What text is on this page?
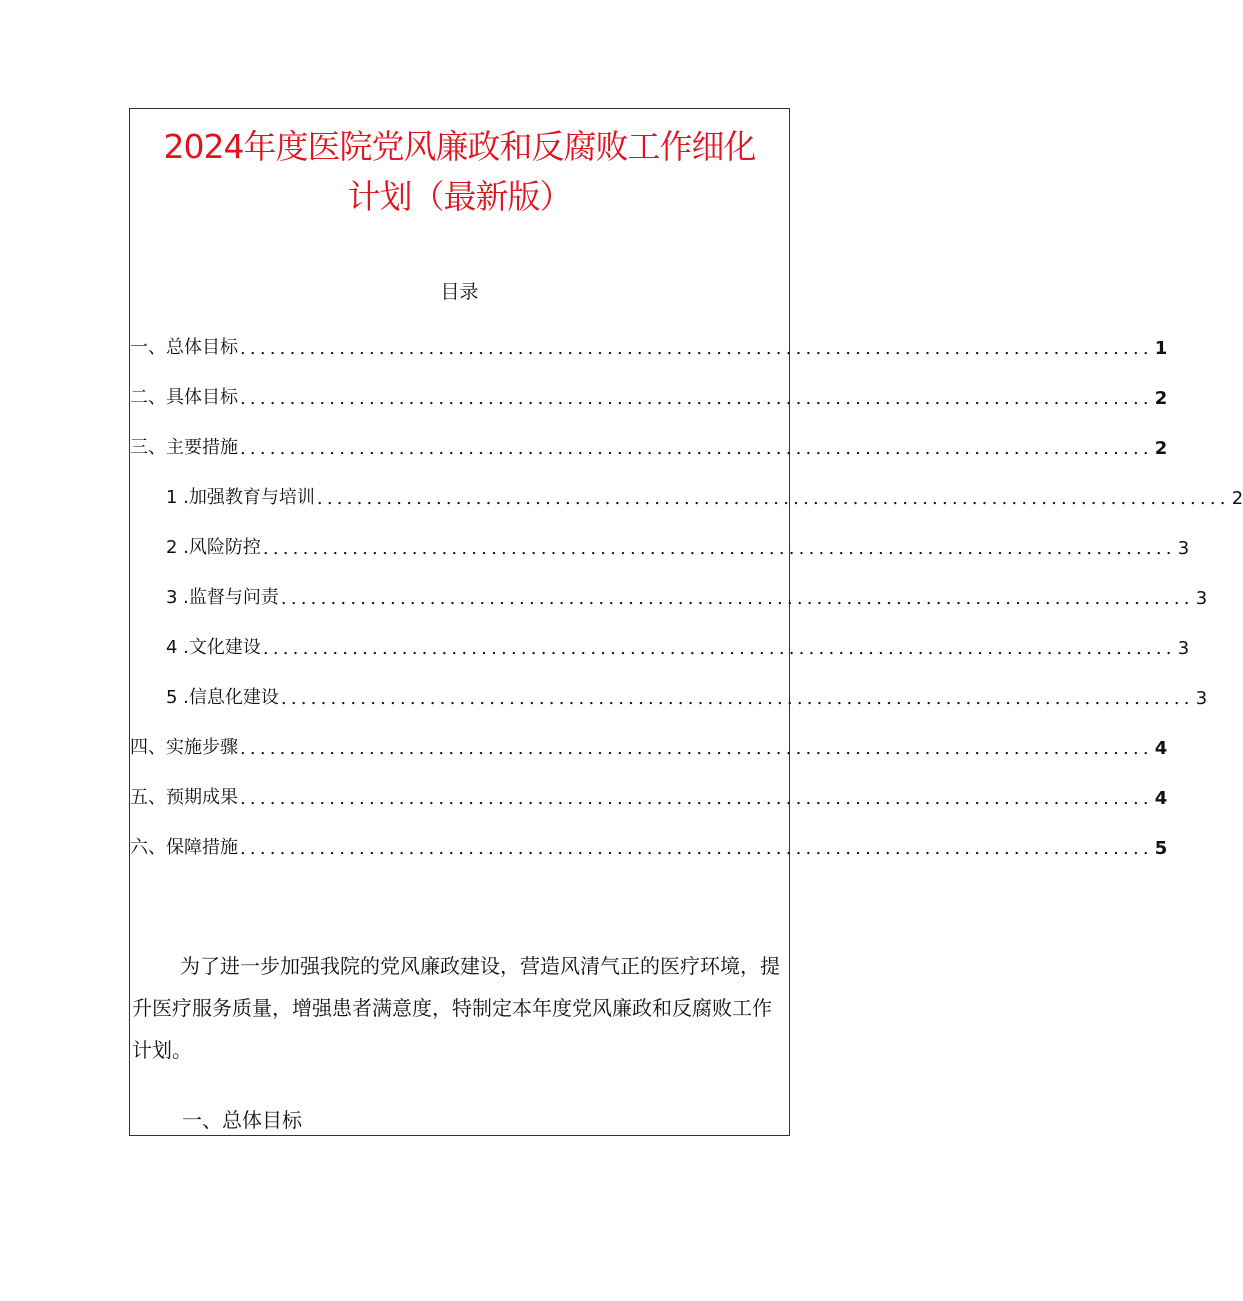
2024年度医院党风廉政和反腐败工作细化
计划（最新版）
目录
一、总体目标 ............................................................................................ 1
二、具体目标 ............................................................................................ 2
三、主要措施 ............................................................................................ 2
1 .加强教育与培训 ............................................................................................ 2
2 .风险防控 ............................................................................................ 3
3 .监督与问责 ............................................................................................ 3
4 .文化建设 ............................................................................................ 3
5 .信息化建设 ............................................................................................ 3
四、实施步骤 ............................................................................................ 4
五、预期成果 ............................................................................................ 4
六、保障措施 ............................................................................................ 5
为了进一步加强我院的党风廉政建设，营造风清气正的医疗环境，提升医疗服务质量，增强患者满意度，特制定本年度党风廉政和反腐败工作计划。
一、总体目标
